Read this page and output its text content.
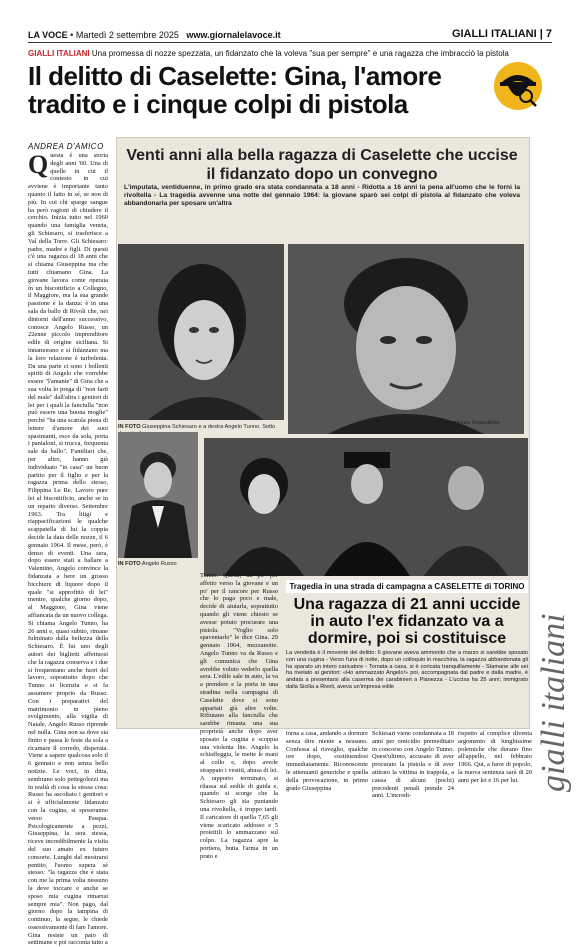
LA VOCE • Martedì 2 settembre 2025 www.giornalelavoce.it	GIALLI ITALIANI | 7
GIALLI ITALIANI Una promessa di nozze spezzata, un fidanzato che la voleva "sua per sempre" e una ragazza che imbracciò la pistola
Il delitto di Caselette: Gina, l'amore tradito e i cinque colpi di pistola
ANDREA D'AMICO
Questa è una storia degli anni '60. Una di quelle in cui il contesto in cui avviene è importante tanto quanto il fatto in sé, se non di più. In cui chi sparge sangue ha però ragioni di chiudere il cerchio. Inizia tutto nel 1960 quando una famiglia veneta, gli Schiesaro, si trasferisce a Val della Torre. Gli Schiesaro: padre, madre e figli. Di questi c'è una ragazza di 18 anni che si chiama Giuseppina ma che tutti chiamano Gina. La giovane lavora come operaia in un biscottificio a Collegno, il Maggiore, ma la sua grande passione è la danza: è in una sala da ballo di Rivoli che, nei dintorni dell'anno successivo, conosce Angelo Russo, un 22enne piccolo imprenditore edile di origine siciliana. Si innamorano e si fidanzano ma la loro relazione è turbolenta. Da una parte ci sono i bollenti spiriti di Angelo che vorrebbe essere "l'amante" di Gina che a sua volta lo prega di "non farti del male" dall'altra i genitori di lei per i quali la fanciulla "non può essere una buona moglie" perché "ha una scatola piena di lettere d'amore dei suoi spasimanti, esce da sola, porta i pantaloni, si trucca, frequenta sale da ballo". Familiari che, per altro, hanno già individuato "in casa" un buon partito per il figlio e per la ragazza prima dello stesso, Filippina Le Re. Lavoro pure lei al biscottificio, anche se in un reparto diverso. Settembre 1963. Tra litigi e riappacificazioni le qualche scappatella di lui la coppia decide la data delle nozze, il 6 gennaio 1964. Il mese, però, è denso di eventi. Una sera, dopo essere stati a ballare a Valentino, Angelo convince la fidanzata a bere un grosso bicchiere di liquore dopo il quale "si approfittò di lei" mentre, qualche giorno dopo, al Maggiore, Gina viene affiancata da un nuovo collega. Si chiama Angelo Tunno, ha 26 anni e, quasi subito, rimane fulminato dalla bellezza della Schiesaro. È lui uno degli autori dei biglietti affettuosi che la ragazza conserva e i due si frequentano anche fuori del lavoro, soprattutto dopo che Tunno si licenzia e si fa assumere proprio da Russo. Con i preparativi del matrimonio in pieno svolgimento, alla vigilia di Natale, Angelo Russo riprende nel nulla. Gina non sa dove sia finito e passa le feste da sola a ricamare il corredo, disperata. Viene a sapere qualcosa solo il 6 gennaio e non senza bello notizie. Le voci, in ditta, sembrano solo pettegolezzi ma in realtà di cosa la stessa cosa: Russo ha ascoltato i genitori e si è ufficialmente fidanzato con la cugina, si sposeranno verso Pasqua. Psicologicamente a pezzi, Giuseppina, la sera stessa, riceve incredibilmente la visita del suo amato ex futuro consorte. Lunghi dal mostrarsi pentito, l'uomo supera sé stesso: "la ragazza che è stata con me la prima volta nessuno la deve toccare e anche se sposo mia cugina rimarrai sempre mia". Non pago, dal giorno dopo la tampina di continuo, la segue, le chiede ossessivamente di fare l'amore. Gina resiste un paio di settimane e poi racconta tutto a
Venti anni alla bella ragazza di Caselette che uccise il fidanzato dopo un convegno
L'imputata, ventiduenne, in primo grado era stata condannata a 18 anni - Ridotta a 16 anni la pena all'uomo che le fornì la rivoltella - La tragedia avvenne una notte del gennaio 1964: la giovane sparò sei colpi di pistola al fidanzato che voleva abbandonarla per sposare un'altra
IN FOTO Giuseppina Schiesaro e a destra Angelo Tunno. Sotto
bile verdetto che punisce in misura l'esecutrice materiale
IN FOTO Angelo Russo
Tunno. Questi, un po' per affetto verso la giovane e un po' per il rancore per Russo che lo paga poco e male, decide di aiutarla, soprattutto quando gli viene chiesto se avesse potuto procurare una pistola. "Voglio solo spaventarlo" le dice Gina. 29 gennaio 1964, mezzanotte. Angelo Tunno va da Russo e gli comunica che Gina avrebbe voluto vederlo quella sera. L'edile sale in auto, la va a prendere e la porta in una stradina nella campagna di Caselette dove si sono appartati già altre volte. Rifiutano alla fanciulla che sarebbe rimasta una sua proprietà anche dopo aver sposato la cugina e scoppia una violenta lite. Angelo la schiaffeggia, le mette le mani al collo e, dopo averle strappato i vestiti, abusa di lei. A rapporto terminato, si rilassa sul sedile di guida e, quando si scorge che la Schiesaro gli sta puntando una rivoltella, è troppo tardi. Il caricatore di quella 7,65 gli viene scaricato addosso e 5 proiettili lo ammazzano sul colpo. La ragazza apre la portiera, butta l'arma in un prato e
Tragedia in una strada di campagna a CASELETTE di TORINO
Una ragazza di 21 anni uccide in auto l'ex fidanzato va a dormire, poi si costituisce
La vendetta è il movente del delitto: Il giovane aveva ammonito che a marzo si sarebbe sposato con una cugina - Verso l'una di notte, dopo un colloquio in macchina, la ragazza abbandonata gli ha sparato un intero caricatore - Tornata a casa, si è coricata tranquillamente - Stamane alle sei ha rivelato ai genitori: «Ho ammazzato Angelo!» poi, accompagnata dal padre e dalla madre, è andata a presentarsi alla caserma dei carabinieri a Pianezza - L'uccisa ha 25 anni; immigrato dalla Sicilia a Rivoli, aveva un'impresa edile
torna a casa, andando a dormire senza dire niente a nessuno. Confessa al risveglio, qualche ore dopo, costituendosi immediatamente. Riconoscente le attenuanti generiche e quella della provocazione, in primo grado Giuseppina
Schiesari viene condannata a 18 anni per omicidio premeditato in concorso con Angelo Tunno. Quest'ultimo, accusato di aver procurato la pistola e di aver attirato la vittima in trappola, a causa di alcuni (pochi) precedenti penali prende 24 anni. L'incredi-
rispetto al complice diventa argomento di lunghissime polemiche che durano fino all'appello, nel febbraio 1966. Qui, a furor di popolo, la nuova sentenza sarà di 20 anni per lei e 16 per lui. gialli italiani
